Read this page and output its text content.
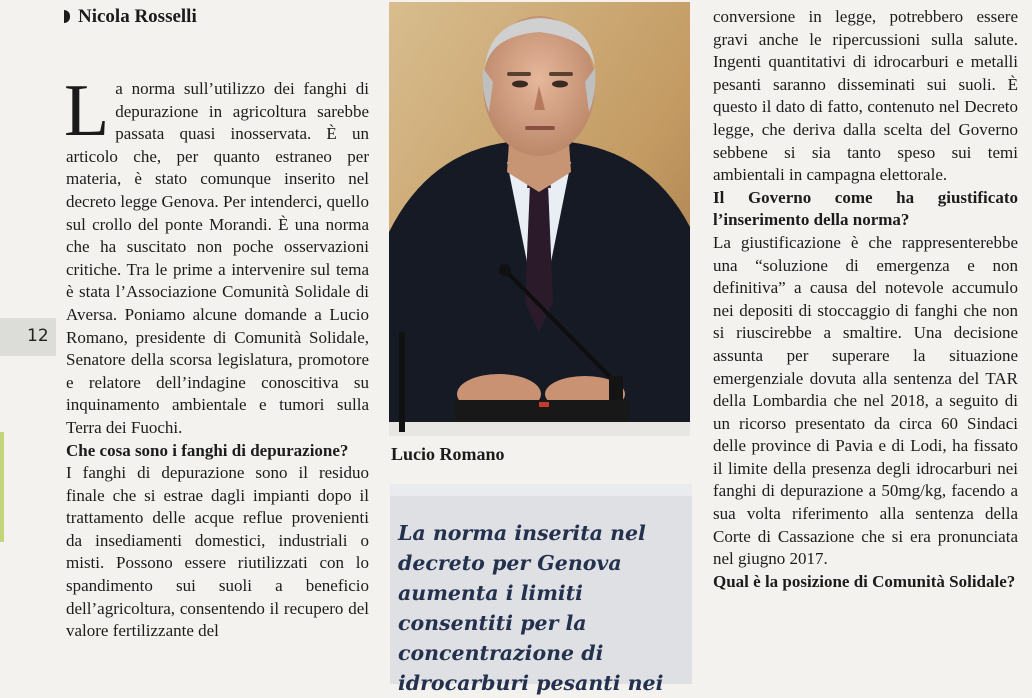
12
Nicola Rosselli

La norma sull’utilizzo dei fanghi di depurazione in agricoltura sarebbe passata quasi inosservata. È un articolo che, per quanto estraneo per materia, è stato comunque inserito nel decreto legge Genova. Per intenderci, quello sul crollo del ponte Morandi. È una norma che ha suscitato non poche osservazioni critiche. Tra le prime a intervenire sul tema è stata l’Associazione Comunità Solidale di Aversa. Poniamo alcune domande a Lucio Romano, presidente di Comunità Solidale, Senatore della scorsa legislatura, promotore e relatore dell’indagine conoscitiva su inquinamento ambientale e tumori sulla Terra dei Fuochi.

Che cosa sono i fanghi di depurazione?

I fanghi di depurazione sono il residuo finale che si estrae dagli impianti dopo il trattamento delle acque reflue provenienti da insediamenti domestici, industriali o misti. Possono essere riutilizzati con lo spandimento sui suoli a beneficio dell’agricoltura, consentendo il recupero del valore fertilizzante del

Lucio Romano
La norma inserita nel decreto per Genova aumenta i limiti consentiti per la concentrazione di idrocarburi pesanti nei

conversione in legge, potrebbero essere gravi anche le ripercussioni sulla salute. Ingenti quantitativi di idrocarburi e metalli pesanti saranno disseminati sui suoli. È questo il dato di fatto, contenuto nel Decreto legge, che deriva dalla scelta del Governo sebbene si sia tanto speso sui temi ambientali in campagna elettorale.

Il Governo come ha giustificato l’inserimento della norma?

La giustificazione è che rappresenterebbe una “soluzione di emergenza e non definitiva” a causa del notevole accumulo nei depositi di stoccaggio di fanghi che non si riuscirebbe a smaltire. Una decisione assunta per superare la situazione emergenziale dovuta alla sentenza del TAR della Lombardia che nel 2018, a seguito di un ricorso presentato da circa 60 Sindaci delle province di Pavia e di Lodi, ha fissato il limite della presenza degli idrocarburi nei fanghi di depurazione a 50mg/kg, facendo a sua volta riferimento alla sentenza della Corte di Cassazione che si era pronunciata nel giugno 2017.

Qual è la posizione di Comunità Solidale?
